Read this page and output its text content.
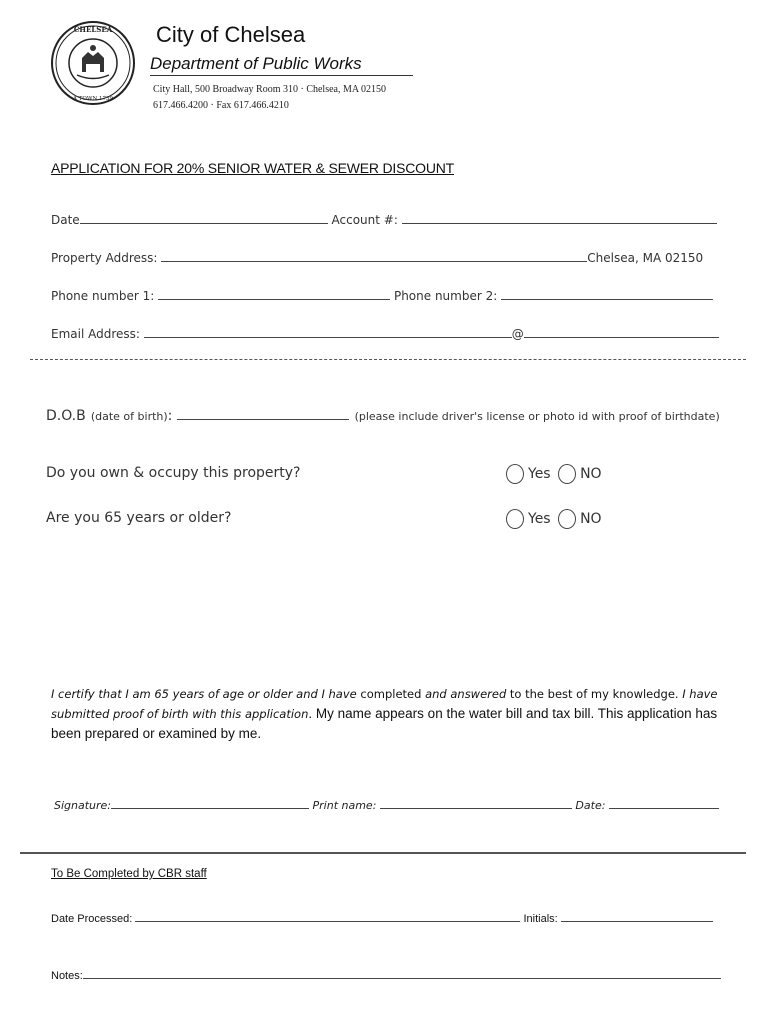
CHELSEA
A TOWN 1739
City of Chelsea
Department of Public Works
City Hall, 500 Broadway Room 310 · Chelsea, MA 02150
617.466.4200 · Fax 617.466.4210
APPLICATION FOR 20% SENIOR WATER & SEWER DISCOUNT
Date	Account #:
Property Address:	Chelsea, MA 02150
Phone number 1:	Phone number 2:
Email Address:	@
D.O.B (date of birth):	(please include driver's license or photo id with proof of birthdate)
Do you own & occupy this property?	Yes NO
Are you 65 years or older?	Yes NO
I certify that I am 65 years of age or older and I have completed and answered to the best of my knowledge. I have submitted proof of birth with this application. My name appears on the water bill and tax bill. This application has been prepared or examined by me.
Signature:	Print name:	Date:
To Be Completed by CBR staff
Date Processed:	Initials:
Notes:
